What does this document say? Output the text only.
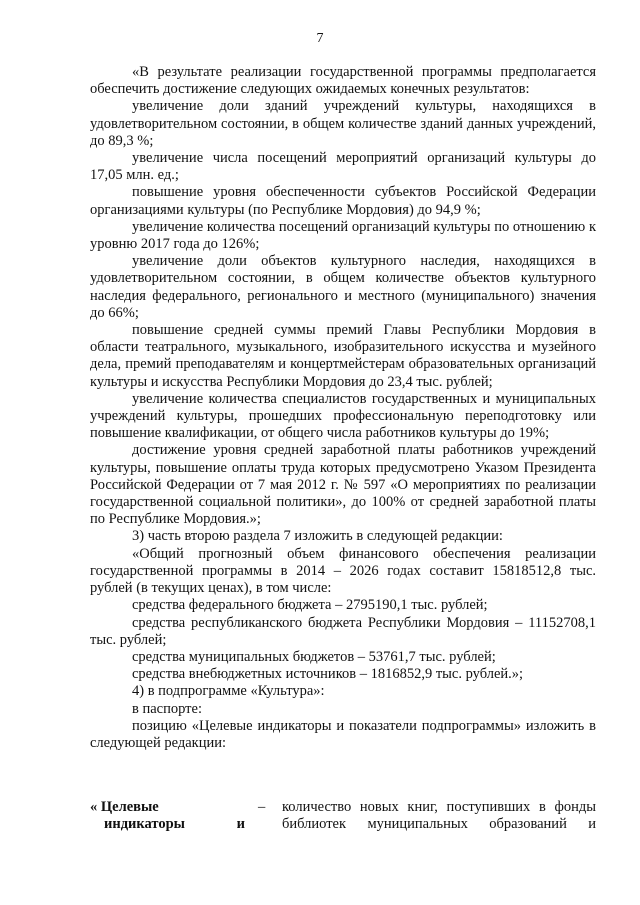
7

«В результате реализации государственной программы предполагается обеспечить достижение следующих ожидаемых конечных результатов:

увеличение доли зданий учреждений культуры, находящихся в удовлетворительном состоянии, в общем количестве зданий данных учреждений, до 89,3 %;

увеличение числа посещений мероприятий организаций культуры до 17,05 млн. ед.;

повышение уровня обеспеченности субъектов Российской Федерации организациями культуры (по Республике Мордовия) до 94,9 %;

увеличение количества посещений организаций культуры по отношению к уровню 2017 года до 126%;

увеличение доли объектов культурного наследия, находящихся в удовлетворительном состоянии, в общем количестве объектов культурного наследия федерального, регионального и местного (муниципального) значения до 66%;

повышение средней суммы премий Главы Республики Мордовия в области театрального, музыкального, изобразительного искусства и музейного дела, премий преподавателям и концертмейстерам образовательных организаций культуры и искусства Республики Мордовия до 23,4 тыс. рублей;

увеличение количества специалистов государственных и муниципальных учреждений культуры, прошедших профессиональную переподготовку или повышение квалификации, от общего числа работников культуры до 19%;

достижение уровня средней заработной платы работников учреждений культуры, повышение оплаты труда которых предусмотрено Указом Президента Российской Федерации от 7 мая 2012 г. № 597 «О мероприятиях по реализации государственной социальной политики», до 100% от средней заработной платы по Республике Мордовия.»;

3) часть второю раздела 7 изложить в следующей редакции:

«Общий прогнозный объем финансового обеспечения реализации государственной программы в 2014 – 2026 годах составит 15818512,8 тыс. рублей (в текущих ценах), в том числе:

средства федерального бюджета – 2795190,1 тыс. рублей;

средства республиканского бюджета Республики Мордовия – 11152708,1 тыс. рублей;

средства муниципальных бюджетов – 53761,7 тыс. рублей;

средства внебюджетных источников – 1816852,9 тыс. рублей.»;

4) в подпрограмме «Культура»:

в паспорте:

позицию «Целевые индикаторы и показатели подпрограммы» изложить в следующей редакции:

« Целевые
индикаторы	и
– количество новых книг, поступивших в фонды библиотек муниципальных образований и
